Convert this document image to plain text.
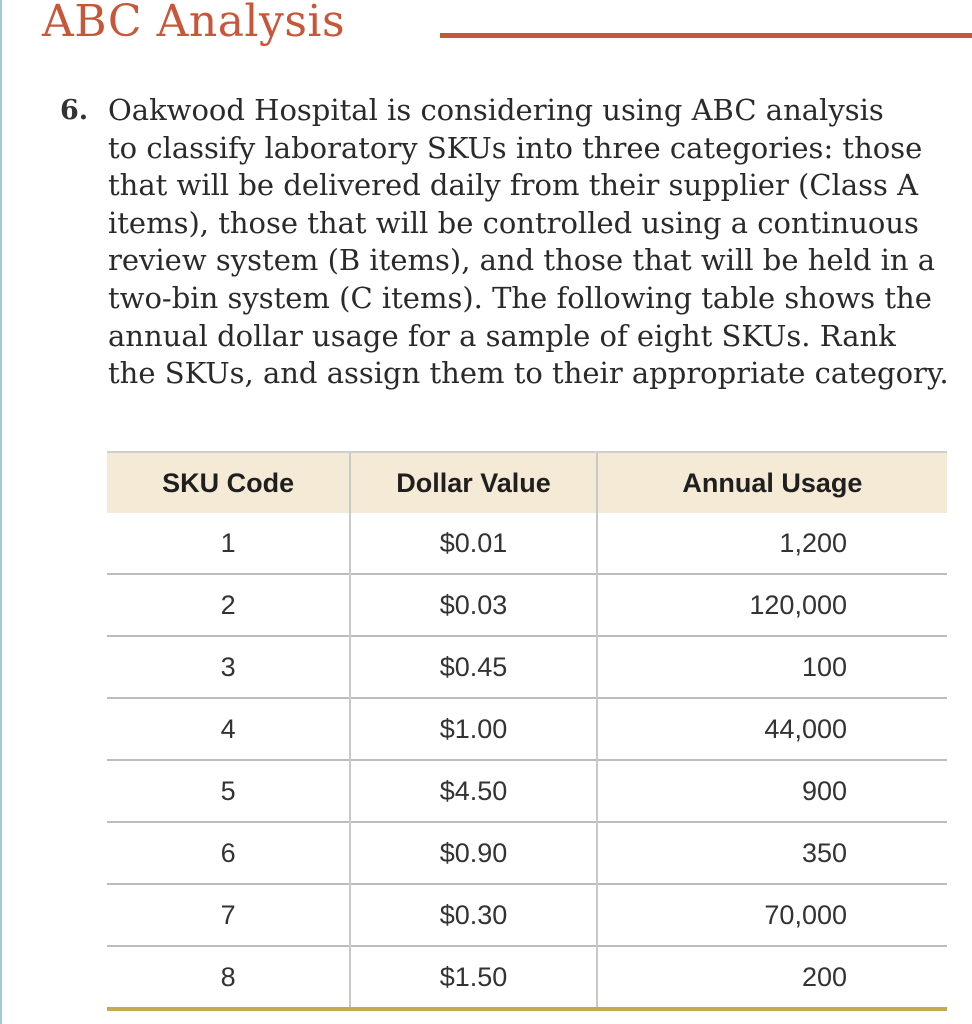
ABC Analysis
6. Oakwood Hospital is considering using ABC analysis
to classify laboratory SKUs into three categories: those
that will be delivered daily from their supplier (Class A
items), those that will be controlled using a continuous
review system (B items), and those that will be held in a
two-bin system (C items). The following table shows the
annual dollar usage for a sample of eight SKUs. Rank
the SKUs, and assign them to their appropriate category.

SKU Code	Dollar Value	Annual Usage
1	$0.01	1,200
2	$0.03	120,000
3	$0.45	100
4	$1.00	44,000
5	$4.50	900
6	$0.90	350
7	$0.30	70,000
8	$1.50	200
